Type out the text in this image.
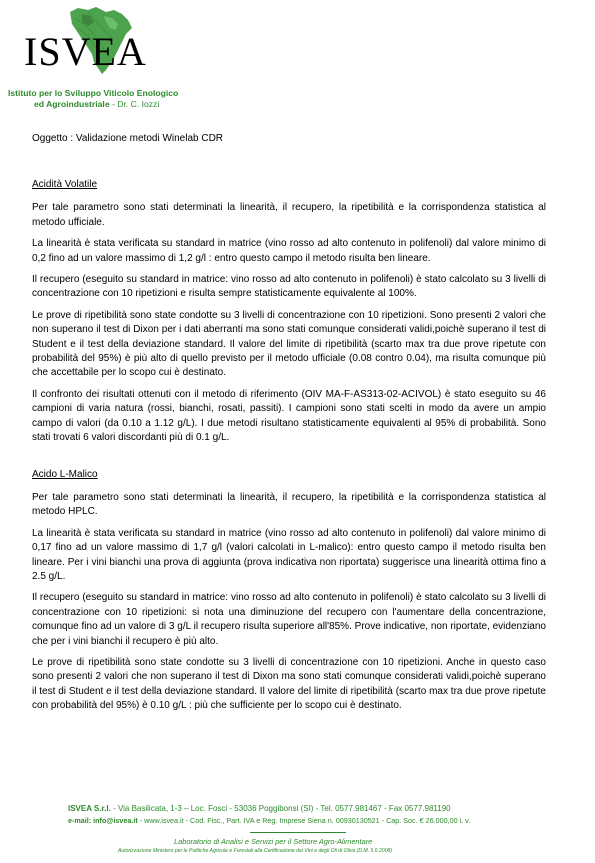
ISVEA
Istituto per lo Sviluppo Viticolo Enologico
ed Agroindustriale - Dr. C. Iozzi
Oggetto : Validazione metodi Winelab CDR
Acidità Volatile

Per tale parametro sono stati determinati la linearità, il recupero, la ripetibilità e la corrispondenza statistica al metodo ufficiale.

La linearità è stata verificata su standard in matrice (vino rosso ad alto contenuto in polifenoli) dal valore minimo di 0,2 fino ad un valore massimo di 1,2 g/l : entro questo campo il metodo risulta ben lineare.

Il recupero (eseguito su standard in matrice: vino rosso ad alto contenuto in polifenoli) è stato calcolato su 3 livelli di concentrazione con 10 ripetizioni e risulta sempre statisticamente equivalente al 100%.

Le prove di ripetibilità sono state condotte su 3 livelli di concentrazione con 10 ripetizioni. Sono presenti 2 valori che non superano il test di Dixon per i dati aberranti ma sono stati comunque considerati validi,poichè superano il test di Student e il test della deviazione standard. Il valore del limite di ripetibilità (scarto max tra due prove ripetute con probabilità del 95%) è più alto di quello previsto per il metodo ufficiale (0.08 contro 0.04), ma risulta comunque più che accettabile per lo scopo cui è destinato.

Il confronto dei risultati ottenuti con il metodo di riferimento (OIV MA-F-AS313-02-ACIVOL) è stato eseguito su 46 campioni di varia natura (rossi, bianchi, rosati, passiti). I campioni sono stati scelti in modo da avere un ampio campo di valori (da 0.10 a 1.12 g/L). I due metodi risultano statisticamente equivalenti al 95% di probabilità. Sono stati trovati 6 valori discordanti più di 0.1 g/L.

Acido L-Malico

Per tale parametro sono stati determinati la linearità, il recupero, la ripetibilità e la corrispondenza statistica al metodo HPLC.

La linearità è stata verificata su standard in matrice (vino rosso ad alto contenuto in polifenoli) dal valore minimo di 0,17 fino ad un valore massimo di 1,7 g/l (valori calcolati in L-malico): entro questo campo il metodo risulta ben lineare. Per i vini bianchi una prova di aggiunta (prova indicativa non riportata) suggerisce una linearità ottima fino a 2.5 g/L.

Il recupero (eseguito su standard in matrice: vino rosso ad alto contenuto in polifenoli) è stato calcolato su 3 livelli di concentrazione con 10 ripetizioni: si nota una diminuzione del recupero con l'aumentare della concentrazione, comunque fino ad un valore di 3 g/L il recupero risulta superiore all'85%. Prove indicative, non riportate, evidenziano che per i vini bianchi il recupero è più alto.

Le prove di ripetibilità sono state condotte su 3 livelli di concentrazione con 10 ripetizioni. Anche in questo caso sono presenti 2 valori che non superano il test di Dixon ma sono stati comunque considerati validi,poichè superano il test di Student e il test della deviazione standard. Il valore del limite di ripetibilità (scarto max tra due prove ripetute con probabilità del 95%) è 0.10 g/L : più che sufficiente per lo scopo cui è destinato.

ISVEA S.r.l. - Via Basilicata, 1-3 – Loc. Fosci - 53036 Poggibonsi (SI) - Tel. 0577.981467 - Fax 0577.981190
e-mail: info@isvea.it - www.isvea.it - Cod. Fisc., Part. IVA e Reg. Imprese Siena n. 00930130521 - Cap. Soc. € 26.000,00 i. v.
Laboratorio di Analisi e Servizi per il Settore Agro-Alimentare
Autorizzazione Ministero per le Politiche Agricole e Forestali alla Certificazione dei Vini e degli Oli di Oliva (D.M. 5.6.2008)
